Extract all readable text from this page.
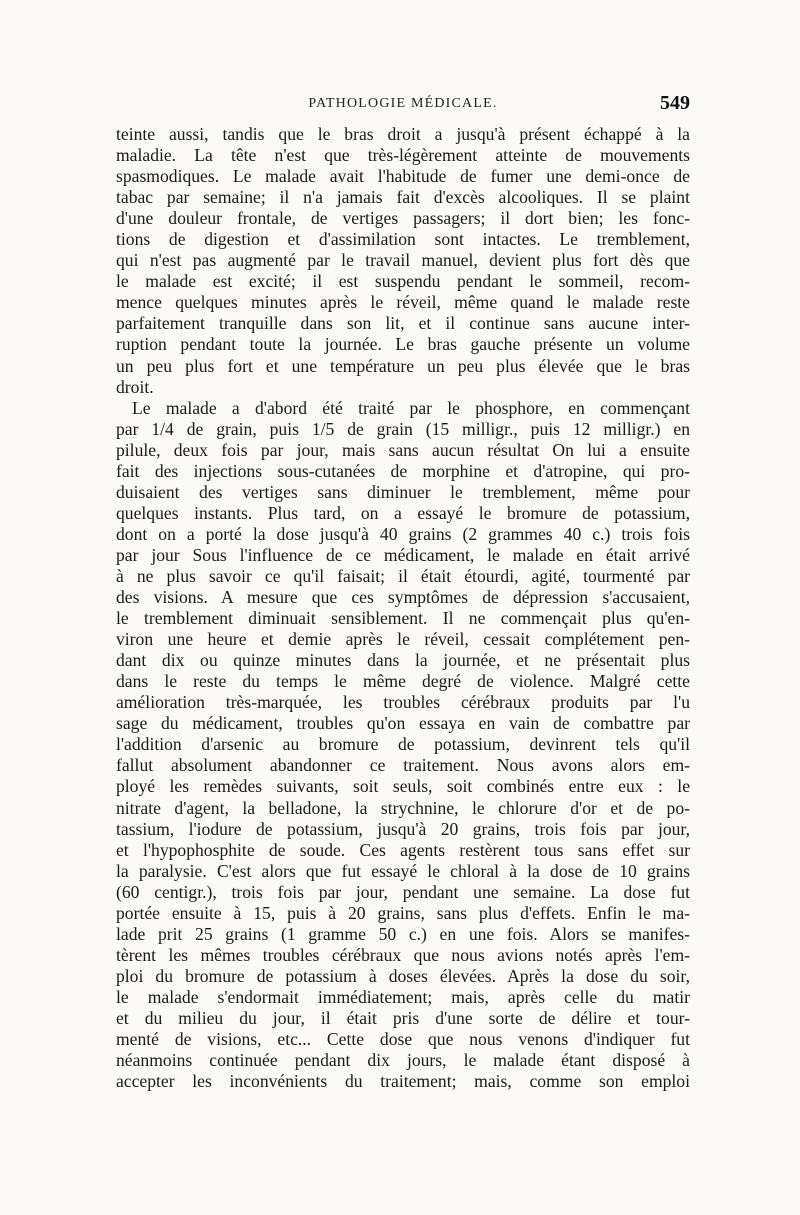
PATHOLOGIE MÉDICALE.	549
teinte aussi, tandis que le bras droit a jusqu'à présent échappé à la
maladie. La tête n'est que très-légèrement atteinte de mouvements
spasmodiques. Le malade avait l'habitude de fumer une demi-once de
tabac par semaine; il n'a jamais fait d'excès alcooliques. Il se plaint
d'une douleur frontale, de vertiges passagers; il dort bien; les fonc-
tions de digestion et d'assimilation sont intactes. Le tremblement,
qui n'est pas augmenté par le travail manuel, devient plus fort dès que
le malade est excité; il est suspendu pendant le sommeil, recom-
mence quelques minutes après le réveil, même quand le malade reste
parfaitement tranquille dans son lit, et il continue sans aucune inter-
ruption pendant toute la journée. Le bras gauche présente un volume
un peu plus fort et une température un peu plus élevée que le bras
droit.
Le malade a d'abord été traité par le phosphore, en commençant
par 1/4 de grain, puis 1/5 de grain (15 milligr., puis 12 milligr.) en
pilule, deux fois par jour, mais sans aucun résultat On lui a ensuite
fait des injections sous-cutanées de morphine et d'atropine, qui pro-
duisaient des vertiges sans diminuer le tremblement, même pour
quelques instants. Plus tard, on a essayé le bromure de potassium,
dont on a porté la dose jusqu'à 40 grains (2 grammes 40 c.) trois fois
par jour Sous l'influence de ce médicament, le malade en était arrivé
à ne plus savoir ce qu'il faisait; il était étourdi, agité, tourmenté par
des visions. A mesure que ces symptômes de dépression s'accusaient,
le tremblement diminuait sensiblement. Il ne commençait plus qu'en-
viron une heure et demie après le réveil, cessait complétement pen-
dant dix ou quinze minutes dans la journée, et ne présentait plus
dans le reste du temps le même degré de violence. Malgré cette
amélioration très-marquée, les troubles cérébraux produits par l'u
sage du médicament, troubles qu'on essaya en vain de combattre par
l'addition d'arsenic au bromure de potassium, devinrent tels qu'il
fallut absolument abandonner ce traitement. Nous avons alors em-
ployé les remèdes suivants, soit seuls, soit combinés entre eux : le
nitrate d'agent, la belladone, la strychnine, le chlorure d'or et de po-
tassium, l'iodure de potassium, jusqu'à 20 grains, trois fois par jour,
et l'hypophosphite de soude. Ces agents restèrent tous sans effet sur
la paralysie. C'est alors que fut essayé le chloral à la dose de 10 grains
(60 centigr.), trois fois par jour, pendant une semaine. La dose fut
portée ensuite à 15, puis à 20 grains, sans plus d'effets. Enfin le ma-
lade prit 25 grains (1 gramme 50 c.) en une fois. Alors se manifes-
tèrent les mêmes troubles cérébraux que nous avions notés après l'em-
ploi du bromure de potassium à doses élevées. Après la dose du soir,
le malade s'endormait immédiatement; mais, après celle du matir
et du milieu du jour, il était pris d'une sorte de délire et tour-
menté de visions, etc... Cette dose que nous venons d'indiquer fut
néanmoins continuée pendant dix jours, le malade étant disposé à
accepter les inconvénients du traitement; mais, comme son emploi
